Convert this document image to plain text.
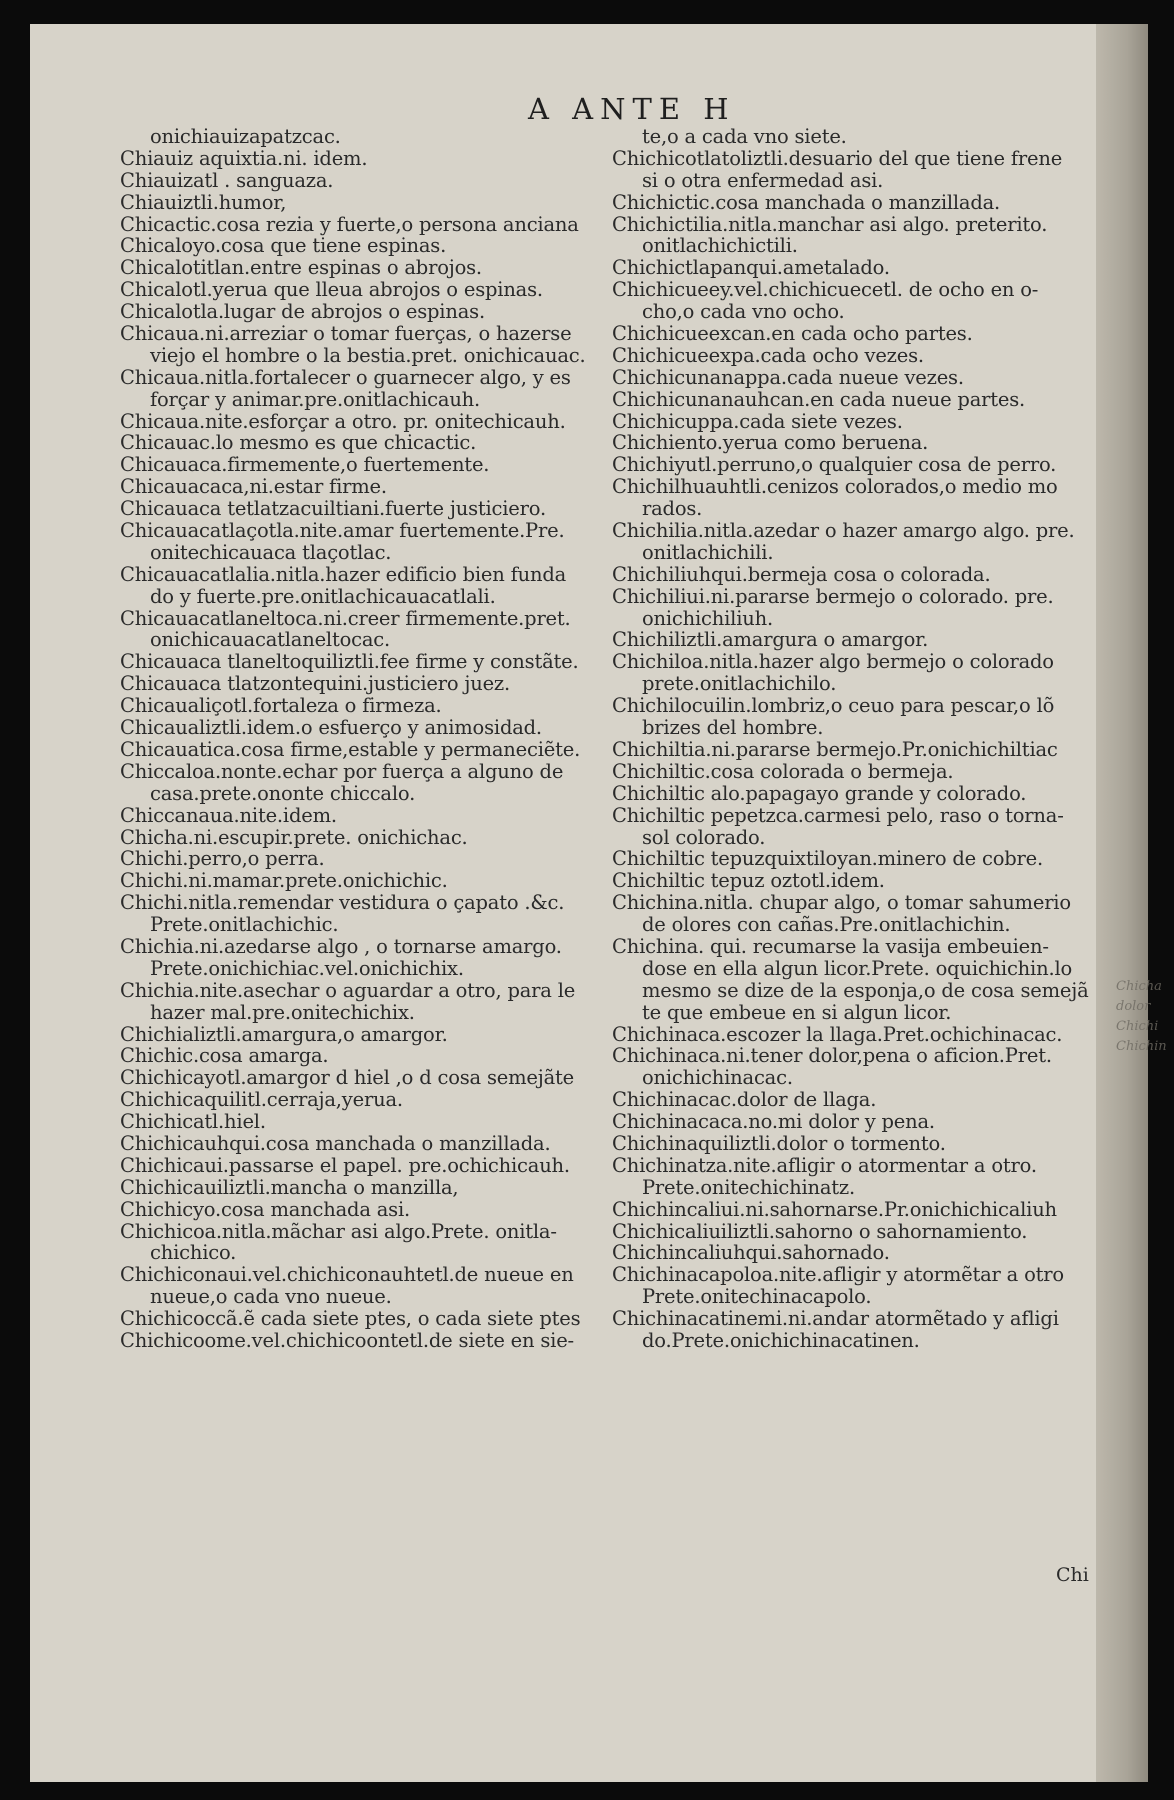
A ANTE H
onichiauizapatzcac.
Chiauiz aquixtia.ni. idem.
Chiauizatl . sanguaza.
Chiauiztli.humor,
Chicactic.cosa rezia y fuerte,o persona anciana
Chicaloyo.cosa que tiene espinas.
Chicalotitlan.entre espinas o abrojos.
Chicalotl.yerua que lleua abrojos o espinas.
Chicalotla.lugar de abrojos o espinas.
Chicaua.ni.arreziar o tomar fuerças, o hazerse
viejo el hombre o la bestia.pret. onichicauac.
Chicaua.nitla.fortalecer o guarnecer algo, y es
forçar y animar.pre.onitlachicauh.
Chicaua.nite.esforçar a otro. pr. onitechicauh.
Chicauac.lo mesmo es que chicactic.
Chicauaca.firmemente,o fuertemente.
Chicauacaca,ni.estar firme.
Chicauaca tetlatzacuiltiani.fuerte justiciero.
Chicauacatlaçotla.nite.amar fuertemente.Pre.
onitechicauaca tlaçotlac.
Chicauacatlalia.nitla.hazer edificio bien funda
do y fuerte.pre.onitlachicauacatlali.
Chicauacatlaneltoca.ni.creer firmemente.pret.
onichicauacatlaneltocac.
Chicauaca tlaneltoquiliztli.fee firme y constãte.
Chicauaca tlatzontequini.justiciero juez.
Chicaualiçotl.fortaleza o firmeza.
Chicaualiztli.idem.o esfuerço y animosidad.
Chicauatica.cosa firme,estable y permaneciẽte.
Chiccaloa.nonte.echar por fuerça a alguno de
casa.prete.ononte chiccalo.
Chiccanaua.nite.idem.
Chicha.ni.escupir.prete. onichichac.
Chichi.perro,o perra.
Chichi.ni.mamar.prete.onichichic.
Chichi.nitla.remendar vestidura o çapato .&c.
Prete.onitlachichic.
Chichia.ni.azedarse algo , o tornarse amargo.
Prete.onichichiac.vel.onichichix.
Chichia.nite.asechar o aguardar a otro, para le
hazer mal.pre.onitechichix.
Chichializtli.amargura,o amargor.
Chichic.cosa amarga.
Chichicayotl.amargor d hiel ,o d cosa semejãte
Chichicaquilitl.cerraja,yerua.
Chichicatl.hiel.
Chichicauhqui.cosa manchada o manzillada.
Chichicaui.passarse el papel. pre.ochichicauh.
Chichicauiliztli.mancha o manzilla,
Chichicyo.cosa manchada asi.
Chichicoa.nitla.mãchar asi algo.Prete. onitla-
chichico.
Chichiconaui.vel.chichiconauhtetl.de nueue en
nueue,o cada vno nueue.
Chichicoccã.ẽ cada siete ptes, o cada siete ptes
Chichicoome.vel.chichicoontetl.de siete en sie-
te,o a cada vno siete.
Chichicotlatoliztli.desuario del que tiene frene
si o otra enfermedad asi.
Chichictic.cosa manchada o manzillada.
Chichictilia.nitla.manchar asi algo. preterito.
onitlachichictili.
Chichictlapanqui.ametalado.
Chichicueey.vel.chichicuecetl. de ocho en o-
cho,o cada vno ocho.
Chichicueexcan.en cada ocho partes.
Chichicueexpa.cada ocho vezes.
Chichicunanappa.cada nueue vezes.
Chichicunanauhcan.en cada nueue partes.
Chichicuppa.cada siete vezes.
Chichiento.yerua como beruena.
Chichiyutl.perruno,o qualquier cosa de perro.
Chichilhuauhtli.cenizos colorados,o medio mo
rados.
Chichilia.nitla.azedar o hazer amargo algo. pre.
onitlachichili.
Chichiliuhqui.bermeja cosa o colorada.
Chichiliui.ni.pararse bermejo o colorado. pre.
onichichiliuh.
Chichiliztli.amargura o amargor.
Chichiloa.nitla.hazer algo bermejo o colorado
prete.onitlachichilo.
Chichilocuilin.lombriz,o ceuo para pescar,o lõ
brizes del hombre.
Chichiltia.ni.pararse bermejo.Pr.onichichiltiac
Chichiltic.cosa colorada o bermeja.
Chichiltic alo.papagayo grande y colorado.
Chichiltic pepetzca.carmesi pelo, raso o torna-
sol colorado.
Chichiltic tepuzquixtiloyan.minero de cobre.
Chichiltic tepuz oztotl.idem.
Chichina.nitla. chupar algo, o tomar sahumerio
de olores con cañas.Pre.onitlachichin.
Chichina. qui. recumarse la vasija embeuien-
dose en ella algun licor.Prete. oquichichin.lo
mesmo se dize de la esponja,o de cosa semejã
te que embeue en si algun licor.
Chichinaca.escozer la llaga.Pret.ochichinacac.
Chichinaca.ni.tener dolor,pena o aficion.Pret.
onichichinacac.
Chichinacac.dolor de llaga.
Chichinacaca.no.mi dolor y pena.
Chichinaquiliztli.dolor o tormento.
Chichinatza.nite.afligir o atormentar a otro.
Prete.onitechichinatz.
Chichincaliui.ni.sahornarse.Pr.onichichicaliuh
Chichicaliuiliztli.sahorno o sahornamiento.
Chichincaliuhqui.sahornado.
Chichinacapoloa.nite.afligir y atormẽtar a otro
Prete.onitechinacapolo.
Chichinacatinemi.ni.andar atormẽtado y afligi
do.Prete.onichichinacatinen.
Chi
Chicha
dolor
Chichi
Chichin
